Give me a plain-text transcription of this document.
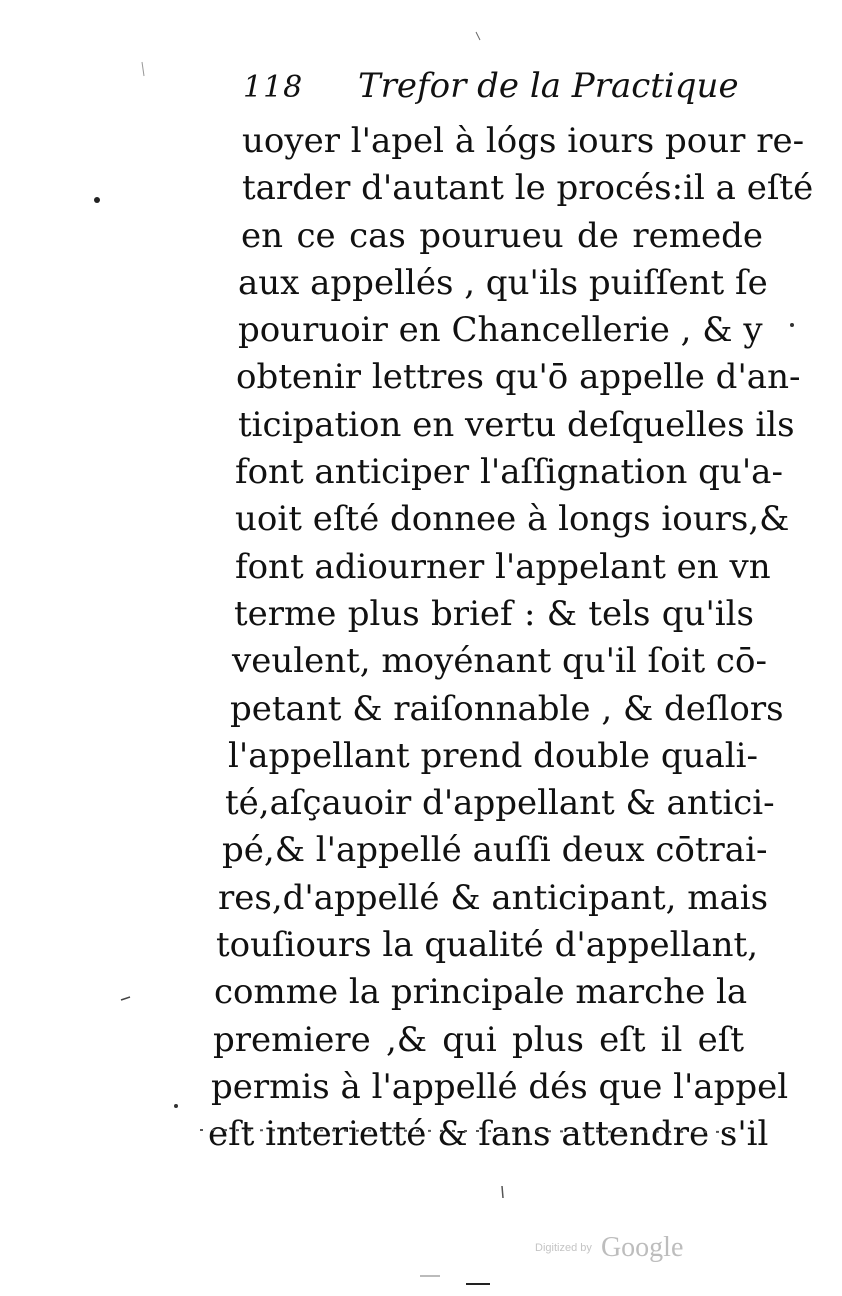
118 Trefor de la Practique
uoyer l'apel à lógs iours pour re-
tarder d'autant le procés:il a eſté
en ce cas pourueu de remede
aux appellés , qu'ils puiſſent ſe
pouruoir en Chancellerie , & y
obtenir lettres qu'ō appelle d'an-
ticipation en vertu deſquelles ils
font anticiper l'aſſignation qu'a-
uoit eſté donnee à longs iours,&
font adiourner l'appelant en vn
terme plus brief : & tels qu'ils
veulent, moyénant qu'il ſoit cō-
petant & raiſonnable , & deſlors
l'appellant prend double quali-
té,aſçauoir d'appellant & antici-
pé,& l'appellé auſſi deux cōtrai-
res,d'appellé & anticipant, mais
touſiours la qualité d'appellant,
comme la principale marche la
premiere ,& qui plus eſt il eſt
permis à l'appellé dés que l'appel
eſt interietté & ſans attendre s'il
Digitized by Google
